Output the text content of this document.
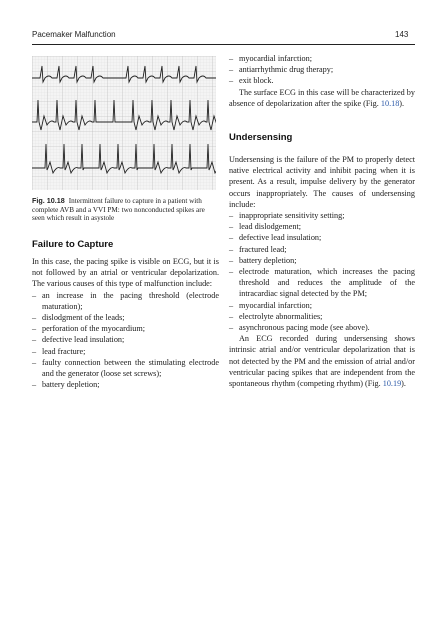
Pacemaker Malfunction	143
Fig. 10.18 Intermittent failure to capture in a patient with complete AVB and a VVI PM: two nonconducted spikes are seen which result in asystole
Failure to Capture

In this case, the pacing spike is visible on ECG, but it is not followed by an atrial or ventricular depolarization. The various causes of this type of malfunction include:

– an increase in the pacing threshold (electrode maturation);
– dislodgment of the leads;
– perforation of the myocardium;
– defective lead insulation;
– lead fracture;
– faulty connection between the stimulating electrode and the generator (loose set screws);
– battery depletion;
– myocardial infarction;
– antiarrhythmic drug therapy;
– exit block.

The surface ECG in this case will be characterized by absence of depolarization after the spike (Fig. 10.18).

Undersensing

Undersensing is the failure of the PM to properly detect native electrical activity and inhibit pacing when it is present. As a result, impulse delivery by the generator occurs inappropriately. The causes of undersensing include:

– inappropriate sensitivity setting;
– lead dislodgement;
– defective lead insulation;
– fractured lead;
– battery depletion;
– electrode maturation, which increases the pacing threshold and reduces the amplitude of the intracardiac signal detected by the PM;
– myocardial infarction;
– electrolyte abnormalities;
– asynchronous pacing mode (see above).

An ECG recorded during undersensing shows intrinsic atrial and/or ventricular depolarization that is not detected by the PM and the emission of atrial and/or ventricular pacing spikes that are independent from the spontaneous rhythm (competing rhythm) (Fig. 10.19).
